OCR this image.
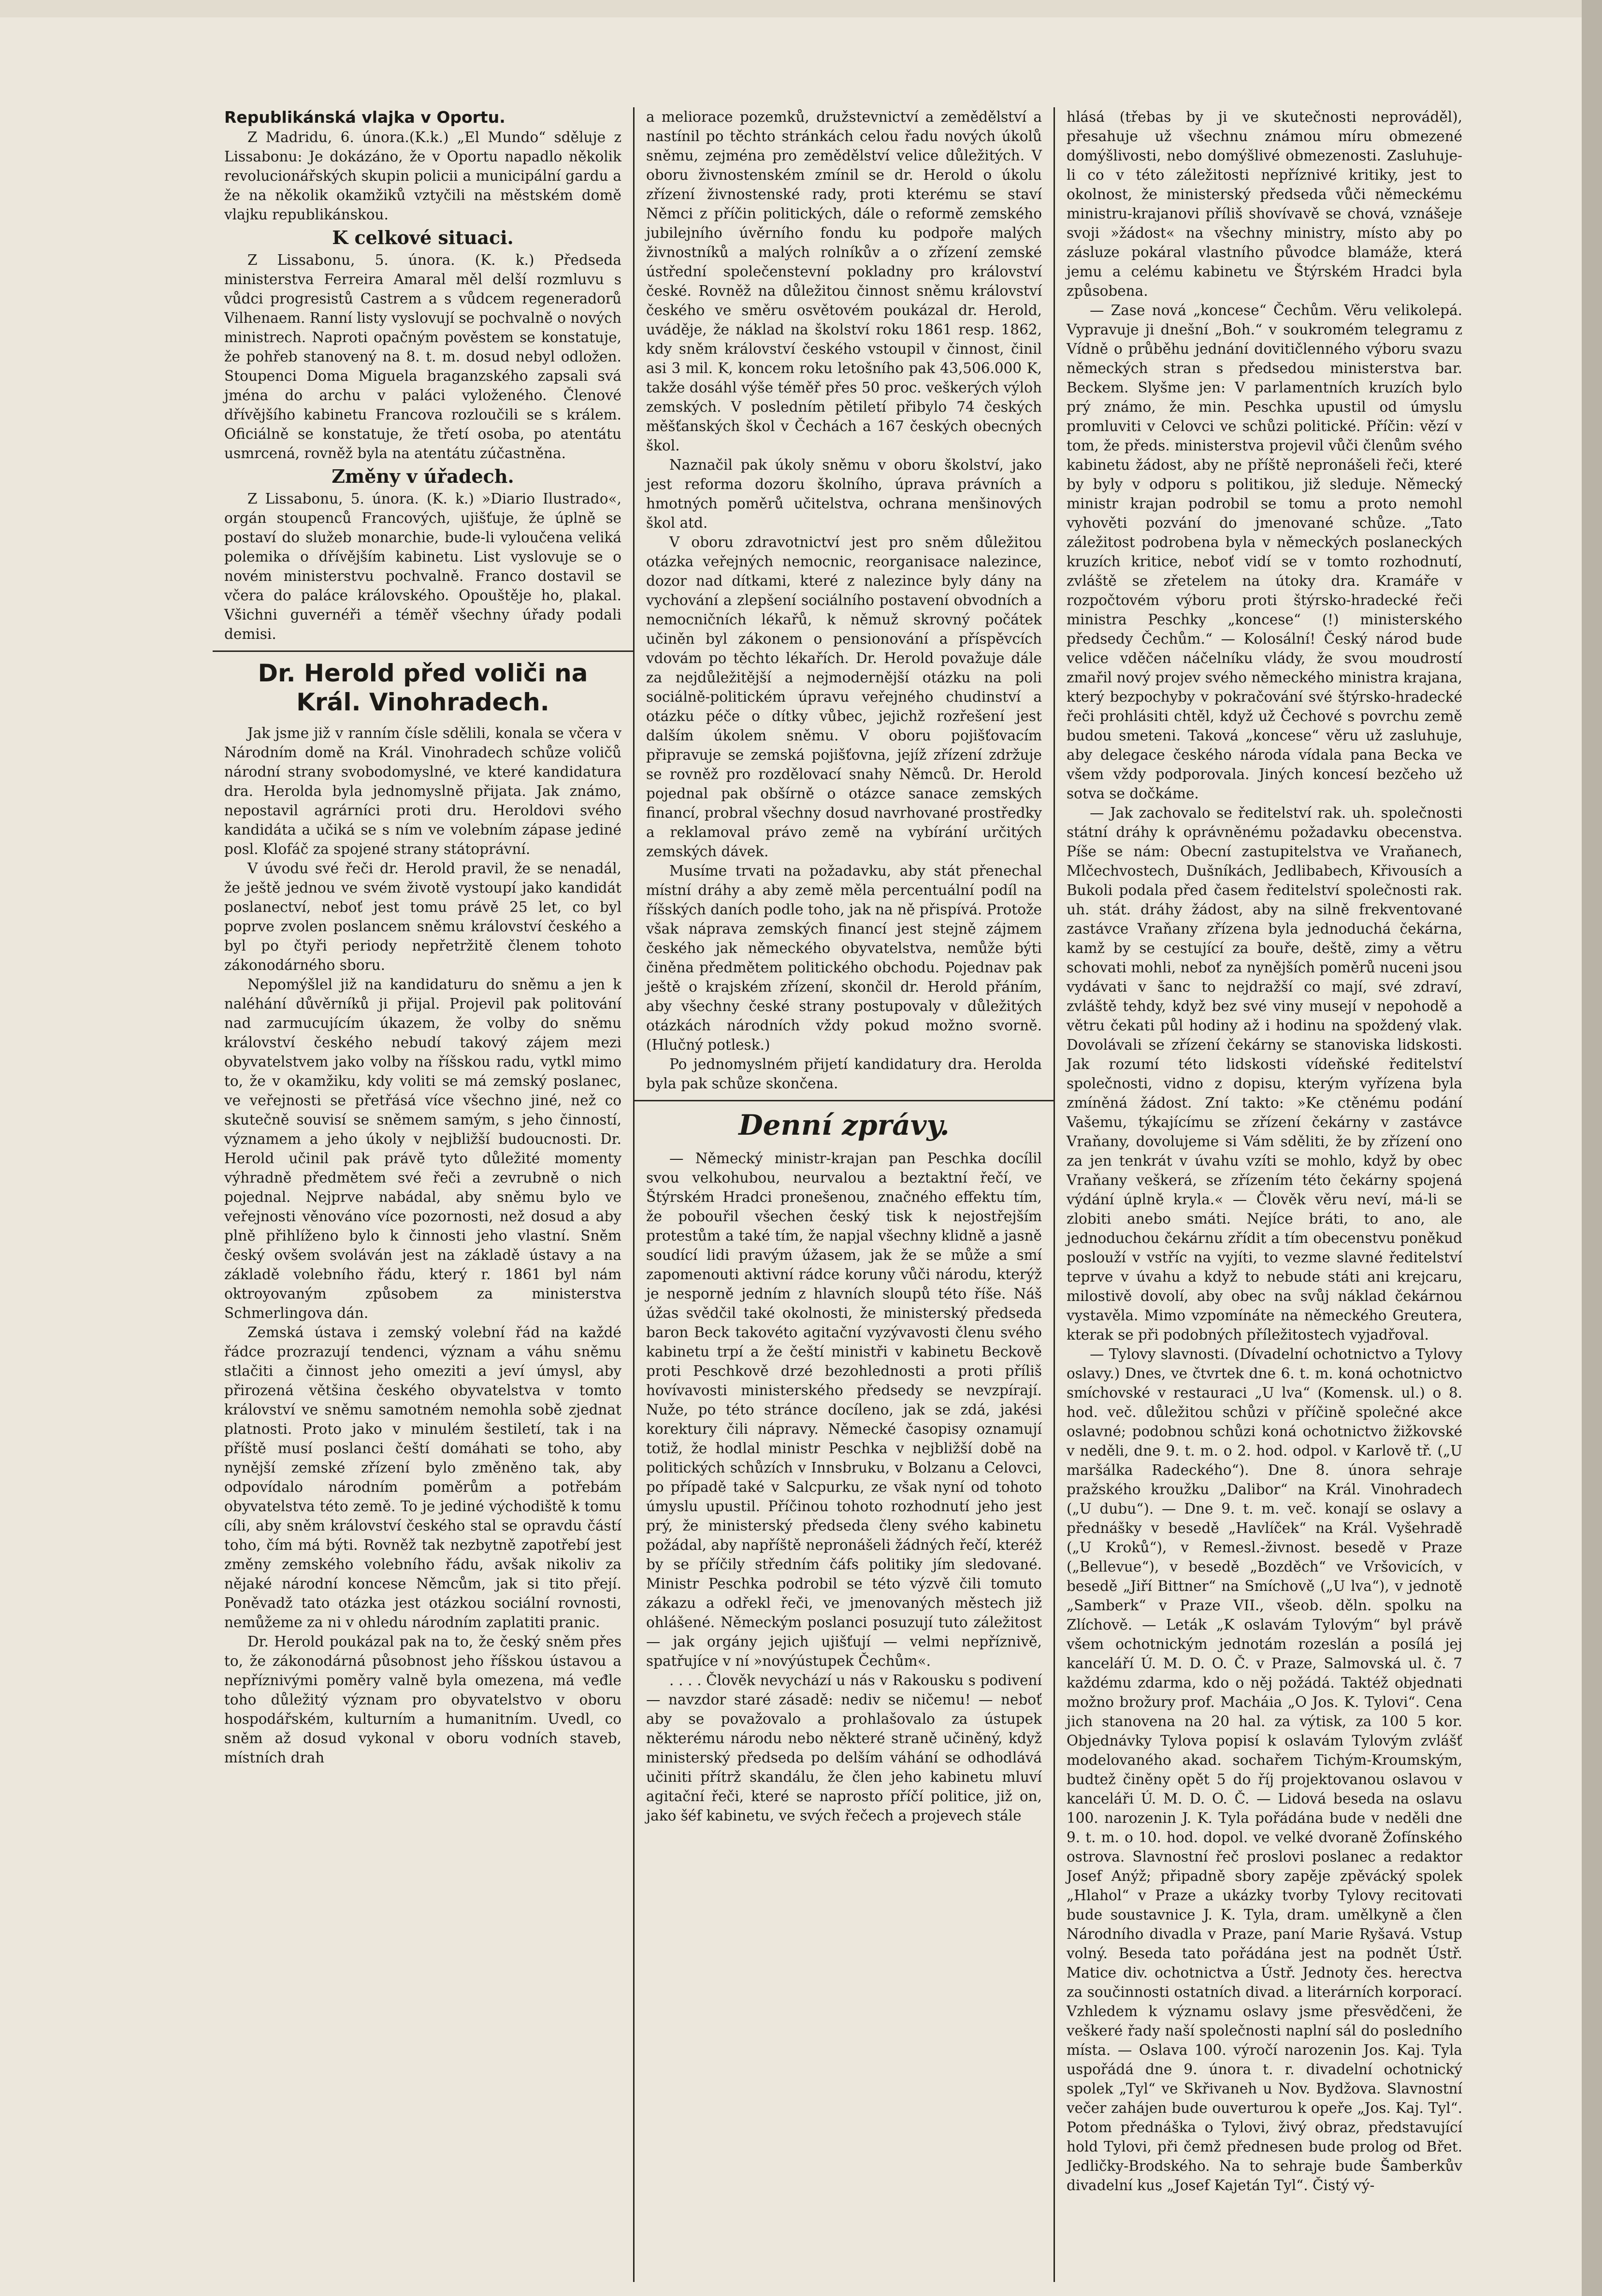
Republikánská vlajka v Oportu.

Z Madridu, 6. února.(K.k.) „El Mundo“ sděluje z Lissabonu: Je dokázáno, že v Oportu napadlo několik revolucionářských skupin policii a municipální gardu a že na několik okamžiků vztyčili na městském domě vlajku republikánskou.

K celkové situaci.

Z Lissabonu, 5. února. (K. k.) Předseda ministerstva Ferreira Amaral měl delší rozmluvu s vůdci progresistů Castrem a s vůdcem regeneradorů Vilhenaem. Ranní listy vyslovují se pochvalně o nových ministrech. Naproti opačným pověstem se konstatuje, že pohřeb stanovený na 8. t. m. dosud nebyl odložen. Stoupenci Doma Miguela braganzského zapsali svá jména do archu v paláci vyloženého. Členové dřívějšího kabinetu Francova rozloučili se s králem. Oficiálně se konstatuje, že třetí osoba, po atentátu usmrcená, rovněž byla na atentátu zúčastněna.

Změny v úřadech.

Z Lissabonu, 5. února. (K. k.) »Diario Ilustrado«, orgán stoupenců Francových, ujišťuje, že úplně se postaví do služeb monarchie, bude-li vyloučena veliká polemika o dřívějším kabinetu. List vyslovuje se o novém ministerstvu pochvalně. Franco dostavil se včera do paláce královského. Opouštěje ho, plakal. Všichni guvernéři a téměř všechny úřady podali demisi.

Dr. Herold před voliči na Král. Vinohradech.

Jak jsme již v ranním čísle sdělili, konala se včera v Národním domě na Král. Vinohradech schůze voličů národní strany svobodomyslné, ve které kandidatura dra. Herolda byla jednomyslně přijata. Jak známo, nepostavil agrárníci proti dru. Heroldovi svého kandidáta a učiká se s ním ve volebním zápase jediné posl. Klofáč za spojené strany státoprávní.

V úvodu své řeči dr. Herold pravil, že se nenadál, že ještě jednou ve svém životě vystoupí jako kandidát poslanectví, neboť jest tomu právě 25 let, co byl poprve zvolen poslancem sněmu království českého a byl po čtyři periody nepřetržitě členem tohoto zákonodárného sboru.

Nepomýšlel již na kandidaturu do sněmu a jen k naléhání důvěrníků ji přijal. Projevil pak politování nad zarmucujícím úkazem, že volby do sněmu království českého nebudí takový zájem mezi obyvatelstvem jako volby na říšskou radu, vytkl mimo to, že v okamžiku, kdy voliti se má zemský poslanec, ve veřejnosti se přetřásá více všechno jiné, než co skutečně souvisí se sněmem samým, s jeho činností, významem a jeho úkoly v nejbližší budoucnosti. Dr. Herold učinil pak právě tyto důležité momenty výhradně předmětem své řeči a zevrubně o nich pojednal. Nejprve nabádal, aby sněmu bylo ve veřejnosti věnováno více pozornosti, než dosud a aby plně přihlíženo bylo k činnosti jeho vlastní. Sněm český ovšem svoláván jest na základě ústavy a na základě volebního řádu, který r. 1861 byl nám oktroyovaným způsobem za ministerstva Schmerlingova dán.

Zemská ústava i zemský volební řád na každé řádce prozrazují tendenci, význam a váhu sněmu stlačiti a činnost jeho omeziti a jeví úmysl, aby přirozená většina českého obyvatelstva v tomto království ve sněmu samotném nemohla sobě zjednat platnosti. Proto jako v minulém šestiletí, tak i na příště musí poslanci čeští domáhati se toho, aby nynější zemské zřízení bylo změněno tak, aby odpovídalo národním poměrům a potřebám obyvatelstva této země. To je jediné východiště k tomu cíli, aby sněm království českého stal se opravdu částí toho, čím má býti. Rovněž tak nezbytně zapotřebí jest změny zemského volebního řádu, avšak nikoliv za nějaké národní koncese Němcům, jak si tito přejí. Poněvadž tato otázka jest otázkou sociální rovnosti, nemůžeme za ni v ohledu národním zaplatiti pranic.

Dr. Herold poukázal pak na to, že český sněm přes to, že zákonodárná působnost jeho říšskou ústavou a nepříznivými poměry valně byla omezena, má veđle toho důležitý význam pro obyvatelstvo v oboru hospodářském, kulturním a humanitním. Uvedl, co sněm až dosud vykonal v oboru vodních staveb, místních drah

a meliorace pozemků, družstevnictví a zemědělství a nastínil po těchto stránkách celou řadu nových úkolů sněmu, zejména pro zemědělství velice důležitých. V oboru živnostenském zmínil se dr. Herold o úkolu zřízení živnostenské rady, proti kterému se staví Němci z příčin politických, dále o reformě zemského jubilejního úvěrního fondu ku podpoře malých živnostníků a malých rolníkův a o zřízení zemské ústřední společenstevní pokladny pro království české. Rovněž na důležitou činnost sněmu království českého ve směru osvětovém poukázal dr. Herold, uváděje, že náklad na školství roku 1861 resp. 1862, kdy sněm království českého vstoupil v činnost, činil asi 3 mil. K, koncem roku letošního pak 43,506.000 K, takže dosáhl výše téměř přes 50 proc. veškerých výloh zemských. V posledním pětiletí přibylo 74 českých měšťanských škol v Čechách a 167 českých obecných škol.

Naznačil pak úkoly sněmu v oboru školství, jako jest reforma dozoru školního, úprava právních a hmotných poměrů učitelstva, ochrana menšinových škol atd.

V oboru zdravotnictví jest pro sněm důležitou otázka veřejných nemocnic, reorganisace nalezince, dozor nad dítkami, které z nalezince byly dány na vychování a zlepšení sociálního postavení obvodních a nemocničních lékařů, k němuž skrovný počátek učiněn byl zákonem o pensionování a příspěvcích vdovám po těchto lékařích. Dr. Herold považuje dále za nejdůležitější a nejmodernější otázku na poli sociálně-politickém úpravu veřejného chudinství a otázku péče o dítky vůbec, jejichž rozřešení jest dalším úkolem sněmu. V oboru pojišťovacím připravuje se zemská pojišťovna, jejíž zřízení zdržuje se rovněž pro rozdělovací snahy Němců. Dr. Herold pojednal pak obšírně o otázce sanace zemských financí, probral všechny dosud navrhované prostředky a reklamoval právo země na vybírání určitých zemských dávek.

Musíme trvati na požadavku, aby stát přenechal místní dráhy a aby země měla percentuální podíl na říšských daních podle toho, jak na ně přispívá. Protože však náprava zemských financí jest stejně zájmem českého jak německého obyvatelstva, nemůže býti činěna předmětem politického obchodu. Pojednav pak ještě o krajském zřízení, skončil dr. Herold přáním, aby všechny české strany postupovaly v důležitých otázkách národních vždy pokud možno svorně. (Hlučný potlesk.)

Po jednomyslném přijetí kandidatury dra. Herolda byla pak schůze skončena.

Denní zprávy.

— Německý ministr-krajan pan Peschka docílil svou velkohubou, neurvalou a beztaktní řečí, ve Štýrském Hradci pronešenou, značného effektu tím, že pobouřil všechen český tisk k nejostřejším protestům a také tím, že napjal všechny klidně a jasně soudící lidi pravým úžasem, jak že se může a smí zapomenouti aktivní rádce koruny vůči národu, kterýž je nesporně jedním z hlavních sloupů této říše. Náš úžas svědčil také okolnosti, že ministerský předseda baron Beck takovéto agitační vyzývavosti členu svého kabinetu trpí a že čeští ministři v kabinetu Beckově proti Peschkově drzé bezohlednosti a proti příliš hovívavosti ministerského předsedy se nevzpírají. Nuže, po této stránce docíleno, jak se zdá, jakési korektury čili nápravy. Německé časopisy oznamují totiž, že hodlal ministr Peschka v nejbližší době na politických schůzích v Innsbruku, v Bolzanu a Celovci, po případě také v Salcpurku, ze však nyní od tohoto úmyslu upustil. Příčinou tohoto rozhodnutí jeho jest prý, že ministerský předseda členy svého kabinetu požádal, aby napříště nepronášeli žádných řečí, kteréž by se příčily středním čáfs politiky jím sledované. Ministr Peschka podrobil se této výzvě čili tomuto zákazu a odřekl řeči, ve jmenovaných městech již ohlášené. Německým poslanci posuzují tuto záležitost — jak orgány jejich ujišťují — velmi nepříznivě, spatřujíce v ní »novýústupek Čechům«.

. . . . Člověk nevychází u nás v Rakousku s podivení — navzdor staré zásadě: nediv se ničemu! — neboť aby se považovalo a prohlašovalo za ústupek některému národu nebo některé straně učiněný, když ministerský předseda po delším váhání se odhodlává učiniti přítrž skandálu, že člen jeho kabinetu mluví agitační řeči, které se naprosto příčí politice, již on, jako šéf kabinetu, ve svých řečech a projevech stále

hlásá (třebas by ji ve skutečnosti neprováděl), přesahuje už všechnu známou míru obmezené domýšlivosti, nebo domýšlivé obmezenosti. Zasluhuje-li co v této záležitosti nepříznivé kritiky, jest to okolnost, že ministerský předseda vůči německému ministru-krajanovi příliš shovívavě se chová, vznášeje svoji »žádost« na všechny ministry, místo aby po zásluze pokáral vlastního původce blamáže, která jemu a celému kabinetu ve Štýrském Hradci byla způsobena.

— Zase nová „koncese“ Čechům. Věru velikolepá. Vypravuje ji dnešní „Boh.“ v soukromém telegramu z Vídně o průběhu jednání dovitičlenného výboru svazu německých stran s předsedou ministerstva bar. Beckem. Slyšme jen: V parlamentních kruzích bylo prý známo, že min. Peschka upustil od úmyslu promluviti v Celovci ve schůzi politické. Příčin: vězí v tom, že předs. ministerstva projevil vůči členům svého kabinetu žádost, aby ne příště nepronášeli řeči, které by byly v odporu s politikou, již sleduje. Německý ministr krajan podrobil se tomu a proto nemohl vyhověti pozvání do jmenované schůze. „Tato záležitost podrobena byla v německých poslaneckých kruzích kritice, neboť vidí se v tomto rozhodnutí, zvláště se zřetelem na útoky dra. Kramáře v rozpočtovém výboru proti štýrsko-hradecké řeči ministra Peschky „koncese“ (!) ministerského předsedy Čechům.“ — Kolosální! Český národ bude velice vděčen náčelníku vlády, že svou moudrostí zmařil nový projev svého německého ministra krajana, který bezpochyby v pokračování své štýrsko-hradecké řeči prohlásiti chtěl, když už Čechové s povrchu země budou smeteni. Taková „koncese“ věru už zasluhuje, aby delegace českého národa vídala pana Becka ve všem vždy podporovala. Jiných koncesí bezčeho už sotva se dočkáme.

— Jak zachovalo se ředitelství rak. uh. společnosti státní dráhy k oprávněnému požadavku obecenstva. Píše se nám: Obecní zastupitelstva ve Vraňanech, Mlčechvostech, Dušníkách, Jedlibabech, Křivousích a Bukoli podala před časem ředitelství společnosti rak. uh. stát. dráhy žádost, aby na silně frekventované zastávce Vraňany zřízena byla jednoduchá čekárna, kamž by se cestující za bouře, deště, zimy a větru schovati mohli, neboť za nynějších poměrů nuceni jsou vydávati v šanc to nejdražší co mají, své zdraví, zvláště tehdy, když bez své viny musejí v nepohodě a větru čekati půl hodiny až i hodinu na spoždený vlak. Dovolávali se zřízení čekárny se stanoviska lidskosti. Jak rozumí této lidskosti vídeňské ředitelství společnosti, vidno z dopisu, kterým vyřízena byla zmíněná žádost. Zní takto: »Ke ctěnému podání Vašemu, týkajícímu se zřízení čekárny v zastávce Vraňany, dovolujeme si Vám sděliti, že by zřízení ono za jen tenkrát v úvahu vzíti se mohlo, když by obec Vraňany veškerá, se zřízením této čekárny spojená výdání úplně kryla.« — Člověk věru neví, má-li se zlobiti anebo smáti. Nejíce bráti, to ano, ale jednoduchou čekárnu zřídit a tím obecenstvu poněkud poslouží v vstříc na vyjíti, to vezme slavné ředitelství teprve v úvahu a když to nebude státi ani krejcaru, milostivě dovolí, aby obec na svůj náklad čekárnou vystavěla. Mimo vzpomínáte na německého Greutera, kterak se při podobných příležitostech vyjadřoval.

— Tylovy slavnosti. (Dívadelní ochotnictvo a Tylovy oslavy.) Dnes, ve čtvrtek dne 6. t. m. koná ochotnictvo smíchovské v restauraci „U lva“ (Komensk. ul.) o 8. hod. več. důležitou schůzi v příčině společné akce oslavné; podobnou schůzi koná ochotnictvo žižkovské v neděli, dne 9. t. m. o 2. hod. odpol. v Karlově tř. („U maršálka Radeckého“). Dne 8. února sehraje pražského kroužku „Dalibor“ na Král. Vinohradech („U dubu“). — Dne 9. t. m. več. konají se oslavy a přednášky v besedě „Havlíček“ na Král. Vyšehradě („U Kroků“), v Remesl.-živnost. besedě v Praze („Bellevue“), v besedě „Bozděch“ ve Vršovicích, v besedě „Jiří Bittner“ na Smíchově („U lva“), v jednotě „Samberk“ v Praze VII., všeob. děln. spolku na Zlíchově. — Leták „K oslavám Tylovým“ byl právě všem ochotnickým jednotám rozeslán a posílá jej kanceláří Ú. M. D. O. Č. v Praze, Salmovská ul. č. 7 každému zdarma, kdo o něj požádá. Taktéž objednati možno brožury prof. Macháia „O Jos. K. Tylovi“. Cena jich stanovena na 20 hal. za výtisk, za 100 5 kor. Objednávky Tylova popisí k oslavám Tylovým zvlášť modelovaného akad. sochařem Tichým-Kroumským, budtež činěny opět 5 do říj projektovanou oslavou v kanceláři Ú. M. D. O. Č. — Lidová beseda na oslavu 100. narozenin J. K. Tyla pořádána bude v neděli dne 9. t. m. o 10. hod. dopol. ve velké dvoraně Žofínského ostrova. Slavnostní řeč proslovi poslanec a redaktor Josef Anýž; připadně sbory zapěje zpěvácký spolek „Hlahol“ v Praze a ukázky tvorby Tylovy recitovati bude soustavnice J. K. Tyla, dram. umělkyně a člen Národního divadla v Praze, paní Marie Ryšavá. Vstup volný. Beseda tato pořádána jest na podnět Ústř. Matice div. ochotnictva a Ústř. Jednoty čes. herectva za součinnosti ostatních divad. a literárních korporací. Vzhledem k významu oslavy jsme přesvědčeni, že veškeré řady naší společnosti naplní sál do posledního místa. — Oslava 100. výročí narozenin Jos. Kaj. Tyla uspořádá dne 9. února t. r. divadelní ochotnický spolek „Tyl“ ve Skřivaneh u Nov. Bydžova. Slavnostní večer zahájen bude ouverturou k opeře „Jos. Kaj. Tyl“. Potom přednáška o Tylovi, živý obraz, představující hold Tylovi, při čemž přednesen bude prolog od Břet. Jedličky-Brodského. Na to sehraje bude Šamberkův divadelní kus „Josef Kajetán Tyl“. Čistý vý-
